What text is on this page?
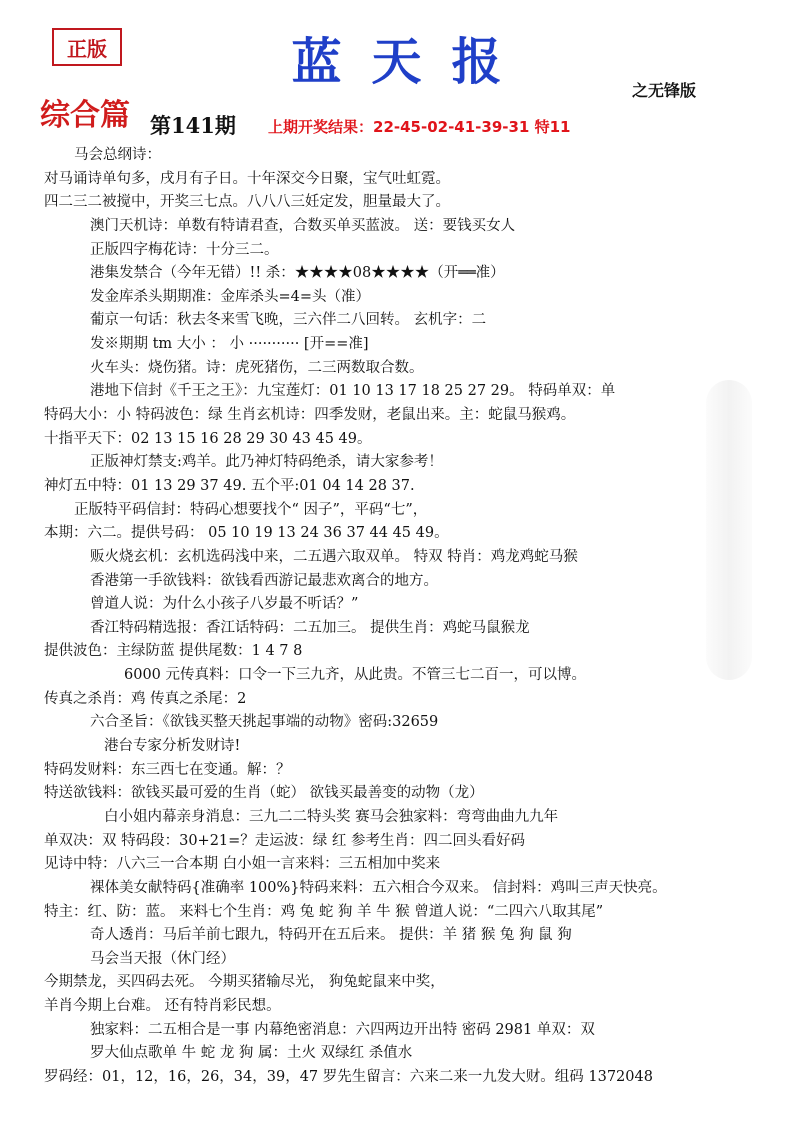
正版	蓝天报	之无锋版
综合篇 第141期 上期开奖结果：22-45-02-41-39-31 特11
马会总纲诗：
对马诵诗单句多，戌月有子日。十年深交今日聚，宝气吐虹霓。
四二三二被搅中，开奖三七点。八八八三妊定发，胆量最大了。
澳门天机诗：单数有特请君查，合数买单买蓝波。 送：要钱买女人
正版四字梅花诗：十分三二。
港集发禁合（今年无错）!! 杀：★★★★08★★★★（开══准）
发金库杀头期期准：金库杀头=4=头（准）
葡京一句话：秋去冬来雪飞晚，三六伴二八回转。 玄机字：二
发※期期 tm 大小 ： 小 ··········· [开==准]
火车头：烧伤猪。诗：虎死猪伤，二三两数取合数。
港地下信封《千王之王》：九宝莲灯：01 10 13 17 18 25 27 29。 特码单双：单
特码大小：小 特码波色：绿 生肖玄机诗：四季发财，老鼠出来。主：蛇鼠马猴鸡。
十指平天下：02 13 15 16 28 29 30 43 45 49。
正版神灯禁支:鸡羊。此乃神灯特码绝杀，请大家参考！
神灯五中特：01 13 29 37 49. 五个平:01 04 14 28 37.
正版特平码信封：特码心想要找个“ 因子”，平码“七”，
本期：六二。提供号码： 05 10 19 13 24 36 37 44 45 49。
贩火烧玄机：玄机选码浅中来，二五遇六取双单。 特双 特肖：鸡龙鸡蛇马猴
香港第一手欲钱料：欲钱看西游记最悲欢离合的地方。
曾道人说：为什么小孩子八岁最不听话？”
香江特码精选报：香江话特码：二五加三。 提供生肖：鸡蛇马鼠猴龙
提供波色：主绿防蓝 提供尾数：1 4 7 8
6000 元传真料：口令一下三九齐，从此贵。不管三七二百一，可以博。
传真之杀肖：鸡 传真之杀尾：2
六合圣旨：《欲钱买整天挑起事端的动物》密码:32659
港台专家分析发财诗!
特码发财料：东三西七在变通。解：？
特送欲钱料：欲钱买最可爱的生肖（蛇） 欲钱买最善变的动物（龙）
白小姐内幕亲身消息：三九二二特头奖 赛马会独家料：弯弯曲曲九九年
单双决：双 特码段：30+21=？走运波：绿 红 参考生肖：四二回头看好码
见诗中特：八六三一合本期 白小姐一言来料：三五相加中奖来
裸体美女献特码{准确率 100%}特码来料：五六相合今双来。 信封料：鸡叫三声天快亮。
特主：红、防：蓝。 来料七个生肖：鸡 兔 蛇 狗 羊 牛 猴 曾道人说：“二四六八取其尾”
奇人透肖：马后羊前七跟九，特码开在五后来。 提供：羊 猪 猴 兔 狗 鼠 狗
马会当天报（休门经）
今期禁龙，买四码去死。 今期买猪输尽光， 狗兔蛇鼠来中奖，
羊肖今期上台难。 还有特肖彩民想。
独家料：二五相合是一事 内幕绝密消息：六四两边开出特 密码 2981 单双：双
罗大仙点歌单 牛 蛇 龙 狗 属：土火 双绿红 杀值水
罗码经：01，12，16，26，34，39，47 罗先生留言：六来二来一九发大财。组码 1372048
